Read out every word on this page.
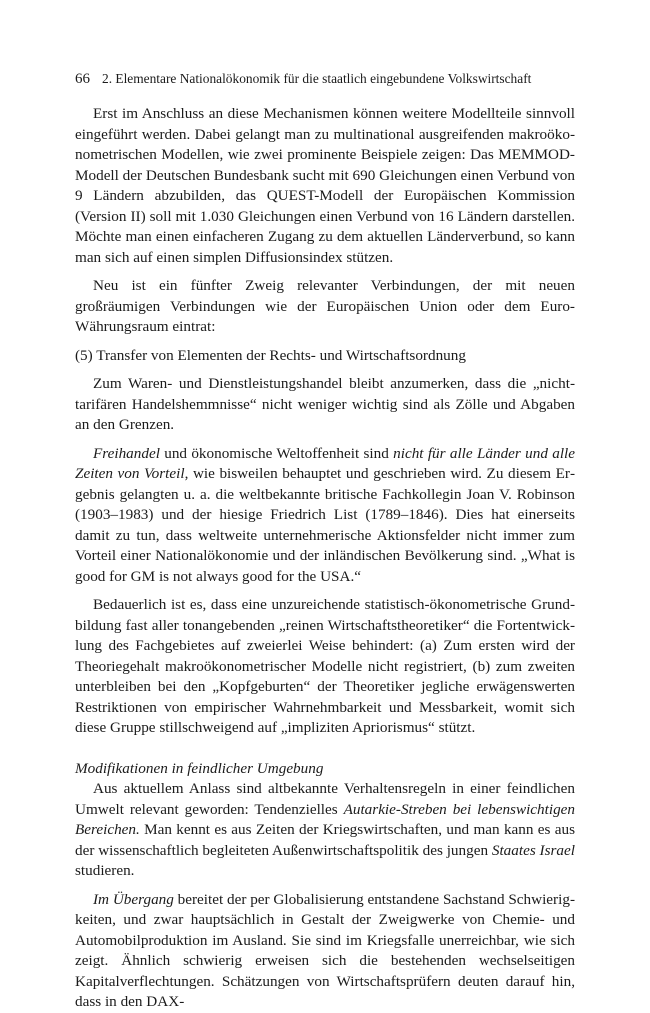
66 2. Elementare Nationalökonomik für die staatlich eingebundene Volkswirtschaft

Erst im Anschluss an diese Mechanismen können weitere Modellteile sinnvoll eingeführt werden. Dabei gelangt man zu multinational ausgreifenden makroökonometrischen Modellen, wie zwei prominente Beispiele zeigen: Das MEMMOD-Modell der Deutschen Bundesbank sucht mit 690 Gleichungen einen Verbund von 9 Ländern abzubilden, das QUEST-Modell der Europäischen Kommission (Version II) soll mit 1.030 Gleichungen einen Verbund von 16 Ländern darstellen. Möchte man einen einfacheren Zugang zu dem aktuellen Länderverbund, so kann man sich auf einen simplen Diffusionsindex stützen.

Neu ist ein fünfter Zweig relevanter Verbindungen, der mit neuen großräumigen Verbindungen wie der Europäischen Union oder dem Euro-Währungsraum eintrat:

(5) Transfer von Elementen der Rechts- und Wirtschaftsordnung

Zum Waren- und Dienstleistungshandel bleibt anzumerken, dass die „nichttarifären Handelshemmnisse“ nicht weniger wichtig sind als Zölle und Abgaben an den Grenzen.

Freihandel und ökonomische Weltoffenheit sind nicht für alle Länder und alle Zeiten von Vorteil, wie bisweilen behauptet und geschrieben wird. Zu diesem Ergebnis gelangten u. a. die weltbekannte britische Fachkollegin Joan V. Robinson (1903–1983) und der hiesige Friedrich List (1789–1846). Dies hat einerseits damit zu tun, dass weltweite unternehmerische Aktionsfelder nicht immer zum Vorteil einer Nationalökonomie und der inländischen Bevölkerung sind. „What is good for GM is not always good for the USA.“

Bedauerlich ist es, dass eine unzureichende statistisch-ökonometrische Grundbildung fast aller tonangebenden „reinen Wirtschaftstheoretiker“ die Fortentwicklung des Fachgebietes auf zweierlei Weise behindert: (a) Zum ersten wird der Theoriegehalt makroökonometrischer Modelle nicht registriert, (b) zum zweiten unterbleiben bei den „Kopfgeburten“ der Theoretiker jegliche erwägenswerten Restriktionen von empirischer Wahrnehmbarkeit und Messbarkeit, womit sich diese Gruppe stillschweigend auf „impliziten Apriorismus“ stützt.

Modifikationen in feindlicher Umgebung

Aus aktuellem Anlass sind altbekannte Verhaltensregeln in einer feindlichen Umwelt relevant geworden: Tendenzielles Autarkie-Streben bei lebenswichtigen Bereichen. Man kennt es aus Zeiten der Kriegswirtschaften, und man kann es aus der wissenschaftlich begleiteten Außenwirtschaftspolitik des jungen Staates Israel studieren.

Im Übergang bereitet der per Globalisierung entstandene Sachstand Schwierigkeiten, und zwar hauptsächlich in Gestalt der Zweigwerke von Chemie- und Automobilproduktion im Ausland. Sie sind im Kriegsfalle unerreichbar, wie sich zeigt. Ähnlich schwierig erweisen sich die bestehenden wechselseitigen Kapitalverflechtungen. Schätzungen von Wirtschaftsprüfern deuten darauf hin, dass in den DAX-
